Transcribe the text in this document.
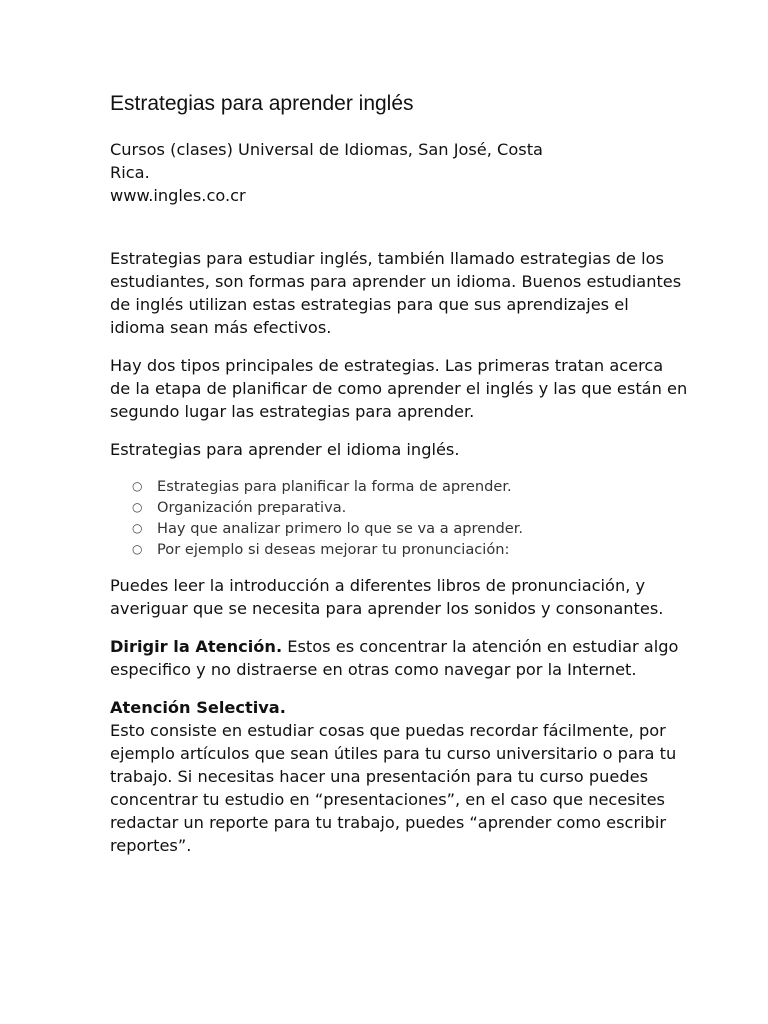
Estrategias para aprender inglés
Cursos (clases) Universal de Idiomas, San José, Costa
Rica.
www.ingles.co.cr

Estrategias para estudiar inglés, también llamado estrategias de los estudiantes, son formas para aprender un idioma. Buenos estudiantes de inglés utilizan estas estrategias para que sus aprendizajes el idioma sean más efectivos.

Hay dos tipos principales de estrategias. Las primeras tratan acerca de la etapa de planificar de como aprender el inglés y las que están en segundo lugar las estrategias para aprender.

Estrategias para aprender el idioma inglés.

○ Estrategias para planificar la forma de aprender.
○ Organización preparativa.
○ Hay que analizar primero lo que se va a aprender.
○ Por ejemplo si deseas mejorar tu pronunciación:

Puedes leer la introducción a diferentes libros de pronunciación, y averiguar que se necesita para aprender los sonidos y consonantes.

Dirigir la Atención. Estos es concentrar la atención en estudiar algo especifico y no distraerse en otras como navegar por la Internet.

Atención Selectiva.
Esto consiste en estudiar cosas que puedas recordar fácilmente, por ejemplo artículos que sean útiles para tu curso universitario o para tu trabajo. Si necesitas hacer una presentación para tu curso puedes concentrar tu estudio en “presentaciones”, en el caso que necesites redactar un reporte para tu trabajo, puedes “aprender como escribir reportes”.
